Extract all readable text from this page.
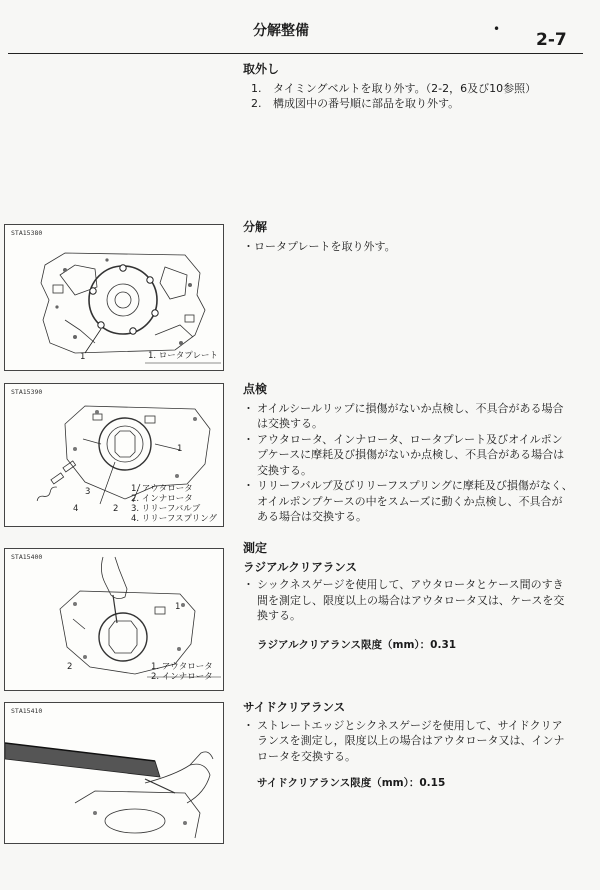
分解整備	•
2-7
取外し
1.	タイミングベルトを取り外す。（2-2，6及び10参照）
2.	構成図中の番号順に部品を取り外す。
分解
・ロータプレートを取り外す。
点検
・ オイルシールリップに損傷がないか点検し、不具合がある場合
は交換する。
・ アウタロータ、インナロータ、ロータプレート及びオイルポン
プケースに摩耗及び損傷がないか点検し、不具合がある場合は
交換する。
・ リリーフバルブ及びリリーフスプリングに摩耗及び損傷がなく、
オイルポンプケースの中をスムーズに動くか点検し、不具合が
ある場合は交換する。
測定
ラジアルクリアランス
・ シックネスゲージを使用して、アウタロータとケース間のすき
間を測定し、限度以上の場合はアウタロータ又は、ケースを交
換する。
ラジアルクリアランス限度（mm）：0.31
サイドクリアランス
・ ストレートエッジとシクネスゲージを使用して、サイドクリア
ランスを測定し，限度以上の場合はアウタロータ又は、インナ
ロータを交換する。
サイドクリアランス限度（mm）：0.15
STA15380
1	1. ロータプレート
STA15390
1
2
3
4
1. アウタロータ
2. インナロータ
3. リリーフバルブ
4. リリーフスプリング
STA15400
1
2	1. アウタロータ
2. インナロータ
STA15410
